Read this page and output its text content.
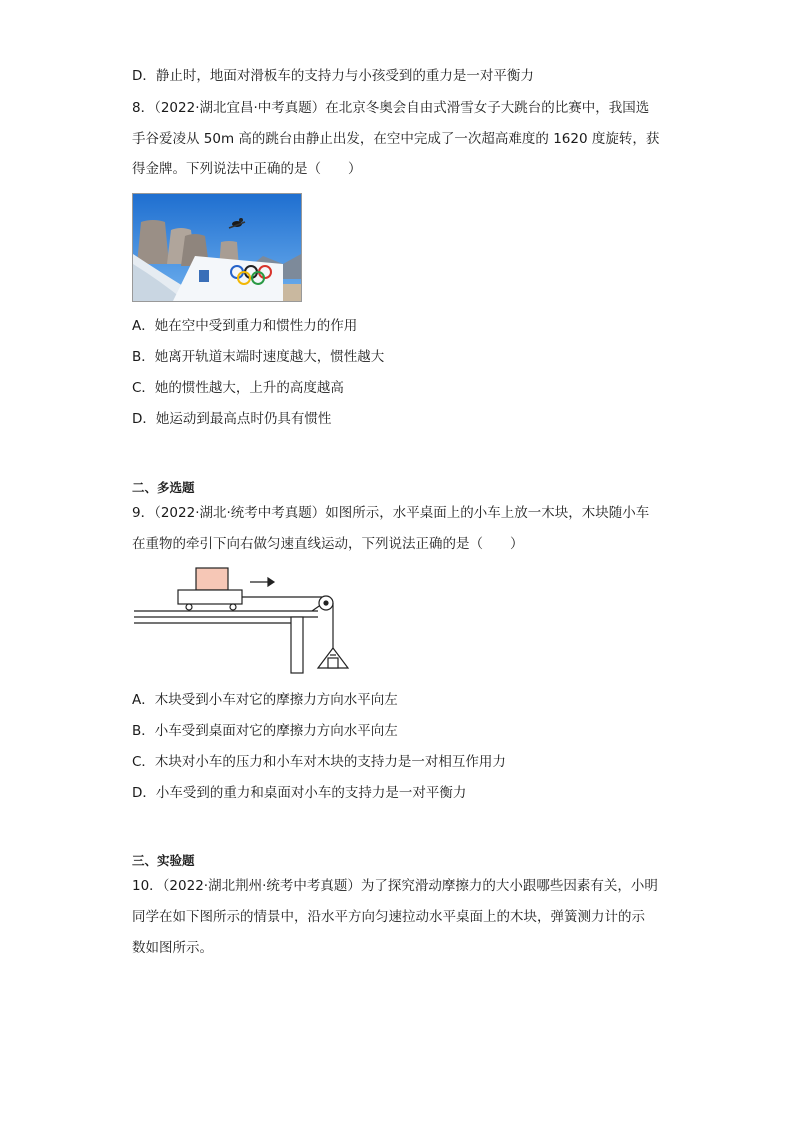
D．静止时，地面对滑板车的支持力与小孩受到的重力是一对平衡力
8．（2022·湖北宜昌·中考真题）在北京冬奥会自由式滑雪女子大跳台的比赛中，我国选
手谷爱凌从 50m 高的跳台由静止出发，在空中完成了一次超高难度的 1620 度旋转，获
得金牌。下列说法中正确的是（　　）
A．她在空中受到重力和惯性力的作用
B．她离开轨道末端时速度越大，惯性越大
C．她的惯性越大，上升的高度越高
D．她运动到最高点时仍具有惯性
二、多选题
9．（2022·湖北·统考中考真题）如图所示，水平桌面上的小车上放一木块，木块随小车
在重物的牵引下向右做匀速直线运动，下列说法正确的是（　　）
A．木块受到小车对它的摩擦力方向水平向左
B．小车受到桌面对它的摩擦力方向水平向左
C．木块对小车的压力和小车对木块的支持力是一对相互作用力
D．小车受到的重力和桌面对小车的支持力是一对平衡力
三、实验题
10．（2022·湖北荆州·统考中考真题）为了探究滑动摩擦力的大小跟哪些因素有关，小明
同学在如下图所示的情景中，沿水平方向匀速拉动水平桌面上的木块，弹簧测力计的示
数如图所示。
